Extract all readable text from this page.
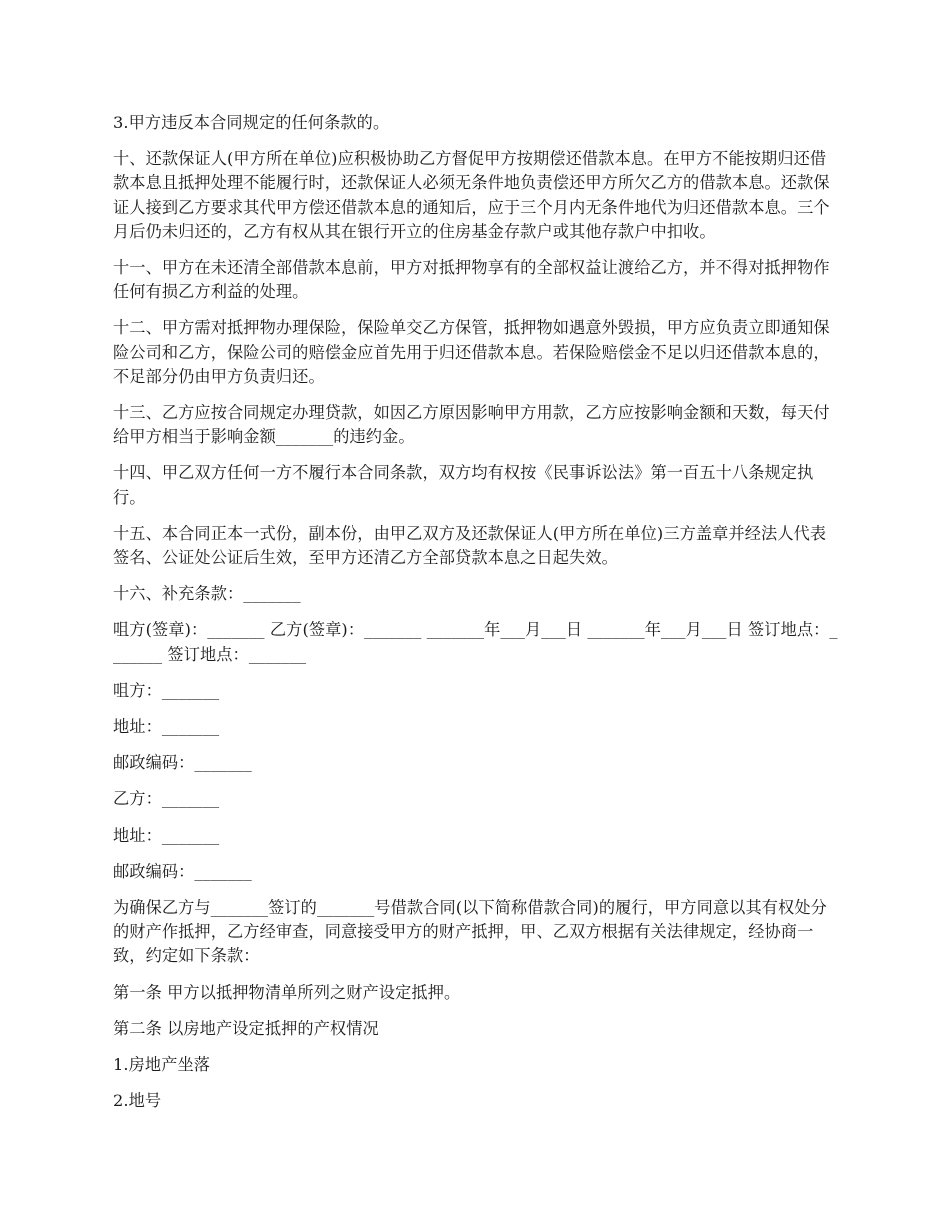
3.甲方违反本合同规定的任何条款的。

十、还款保证人(甲方所在单位)应积极协助乙方督促甲方按期偿还借款本息。在甲方不能按期归还借款本息且抵押处理不能履行时，还款保证人必须无条件地负责偿还甲方所欠乙方的借款本息。还款保证人接到乙方要求其代甲方偿还借款本息的通知后，应于三个月内无条件地代为归还借款本息。三个月后仍未归还的，乙方有权从其在银行开立的住房基金存款户或其他存款户中扣收。

十一、甲方在未还清全部借款本息前，甲方对抵押物享有的全部权益让渡给乙方，并不得对抵押物作任何有损乙方利益的处理。

十二、甲方需对抵押物办理保险，保险单交乙方保管，抵押物如遇意外毁损，甲方应负责立即通知保险公司和乙方，保险公司的赔偿金应首先用于归还借款本息。若保险赔偿金不足以归还借款本息的，不足部分仍由甲方负责归还。

十三、乙方应按合同规定办理贷款，如因乙方原因影响甲方用款，乙方应按影响金额和天数，每天付给甲方相当于影响金额_______的违约金。

十四、甲乙双方任何一方不履行本合同条款，双方均有权按《民事诉讼法》第一百五十八条规定执行。

十五、本合同正本一式份，副本份，由甲乙双方及还款保证人(甲方所在单位)三方盖章并经法人代表签名、公证处公证后生效，至甲方还清乙方全部贷款本息之日起失效。

十六、补充条款：_______

咀方(签章)：_______ 乙方(签章)：_______ _______年___月___日 _______年___月___日 签订地点：_______ 签订地点：_______

咀方：_______

地址：_______

邮政编码：_______

乙方：_______

地址：_______

邮政编码：_______

为确保乙方与_______签订的_______号借款合同(以下简称借款合同)的履行，甲方同意以其有权处分的财产作抵押，乙方经审查，同意接受甲方的财产抵押，甲、乙双方根据有关法律规定，经协商一致，约定如下条款：

第一条 甲方以抵押物清单所列之财产设定抵押。

第二条 以房地产设定抵押的产权情况

1.房地产坐落

2.地号
